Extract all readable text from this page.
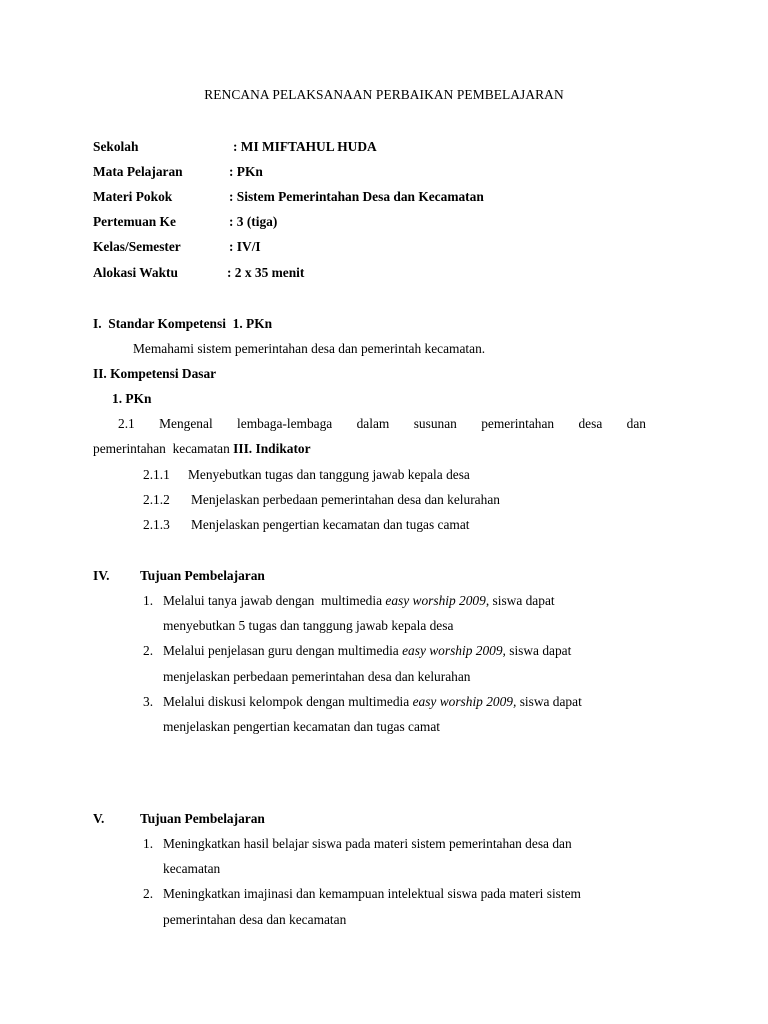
RENCANA PELAKSANAAN PERBAIKAN PEMBELAJARAN
Sekolah	: MI MIFTAHUL HUDA
Mata Pelajaran	: PKn
Materi Pokok	: Sistem Pemerintahan Desa dan Kecamatan
Pertemuan Ke	: 3 (tiga)
Kelas/Semester	: IV/I
Alokasi Waktu	: 2 x 35 menit
I.  Standar Kompetensi  1. PKn
Memahami sistem pemerintahan desa dan pemerintah kecamatan.
II. Kompetensi Dasar
1. PKn
2.1 Mengenal lembaga-lembaga dalam susunan pemerintahan desa dan
pemerintahan  kecamatan III. Indikator
2.1.1 Menyebutkan tugas dan tanggung jawab kepala desa
2.1.2 Menjelaskan perbedaan pemerintahan desa dan kelurahan
2.1.3 Menjelaskan pengertian kecamatan dan tugas camat
IV. Tujuan Pembelajaran
1. Melalui tanya jawab dengan  multimedia easy worship 2009, siswa dapat
menyebutkan 5 tugas dan tanggung jawab kepala desa
2. Melalui penjelasan guru dengan multimedia easy worship 2009, siswa dapat
menjelaskan perbedaan pemerintahan desa dan kelurahan
3. Melalui diskusi kelompok dengan multimedia easy worship 2009, siswa dapat
menjelaskan pengertian kecamatan dan tugas camat
V.	Tujuan Pembelajaran
1. Meningkatkan hasil belajar siswa pada materi sistem pemerintahan desa dan
kecamatan
2. Meningkatkan imajinasi dan kemampuan intelektual siswa pada materi sistem
pemerintahan desa dan kecamatan
